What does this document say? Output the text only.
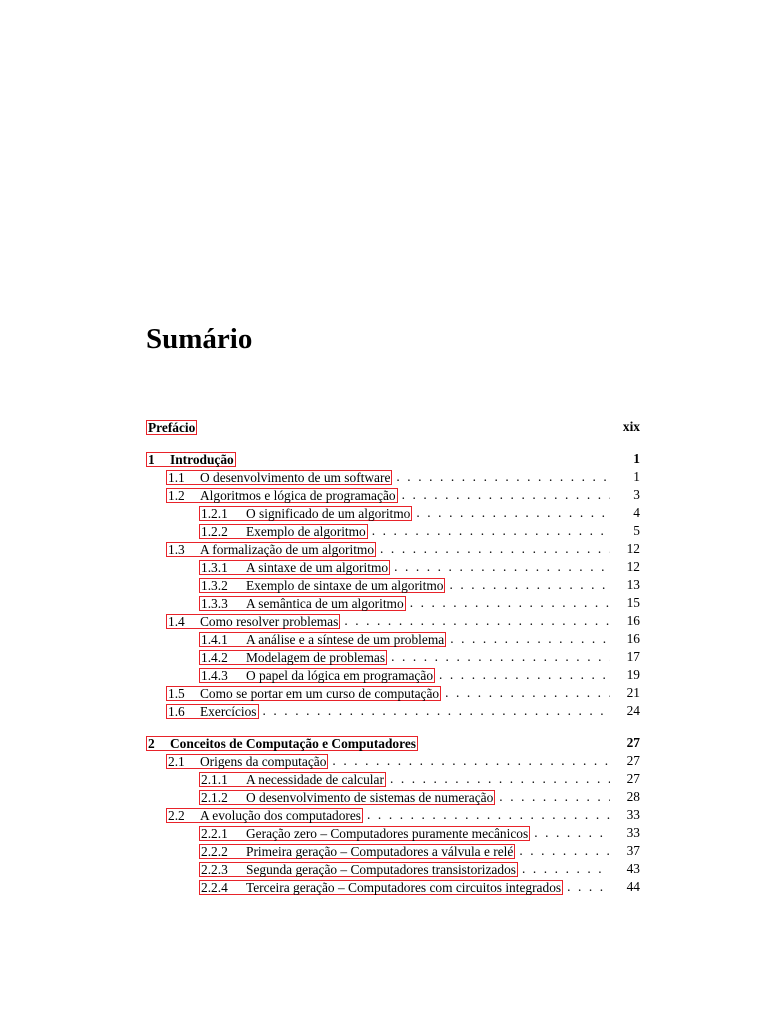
Sumário
Prefácio	xix
1	Introdução	1
1.1	O desenvolvimento de um software . . .	1
1.2	Algoritmos e lógica de programação . . .	3
1.2.1	O significado de um algoritmo . . .	4
1.2.2	Exemplo de algoritmo . . .	5
1.3	A formalização de um algoritmo . . .	12
1.3.1	A sintaxe de um algoritmo . . .	12
1.3.2	Exemplo de sintaxe de um algoritmo . . .	13
1.3.3	A semântica de um algoritmo . . .	15
1.4	Como resolver problemas . . .	16
1.4.1	A análise e a síntese de um problema . . .	16
1.4.2	Modelagem de problemas . . .	17
1.4.3	O papel da lógica em programação . . .	19
1.5	Como se portar em um curso de computação . . .	21
1.6	Exercícios . . .	24
2	Conceitos de Computação e Computadores	27
2.1	Origens da computação . . .	27
2.1.1	A necessidade de calcular . . .	27
2.1.2	O desenvolvimento de sistemas de numeração . . .	28
2.2	A evolução dos computadores . . .	33
2.2.1	Geração zero – Computadores puramente mecânicos . . .	33
2.2.2	Primeira geração – Computadores a válvula e relé . . .	37
2.2.3	Segunda geração – Computadores transistorizados . . .	43
2.2.4	Terceira geração – Computadores com circuitos integrados . . .	44
